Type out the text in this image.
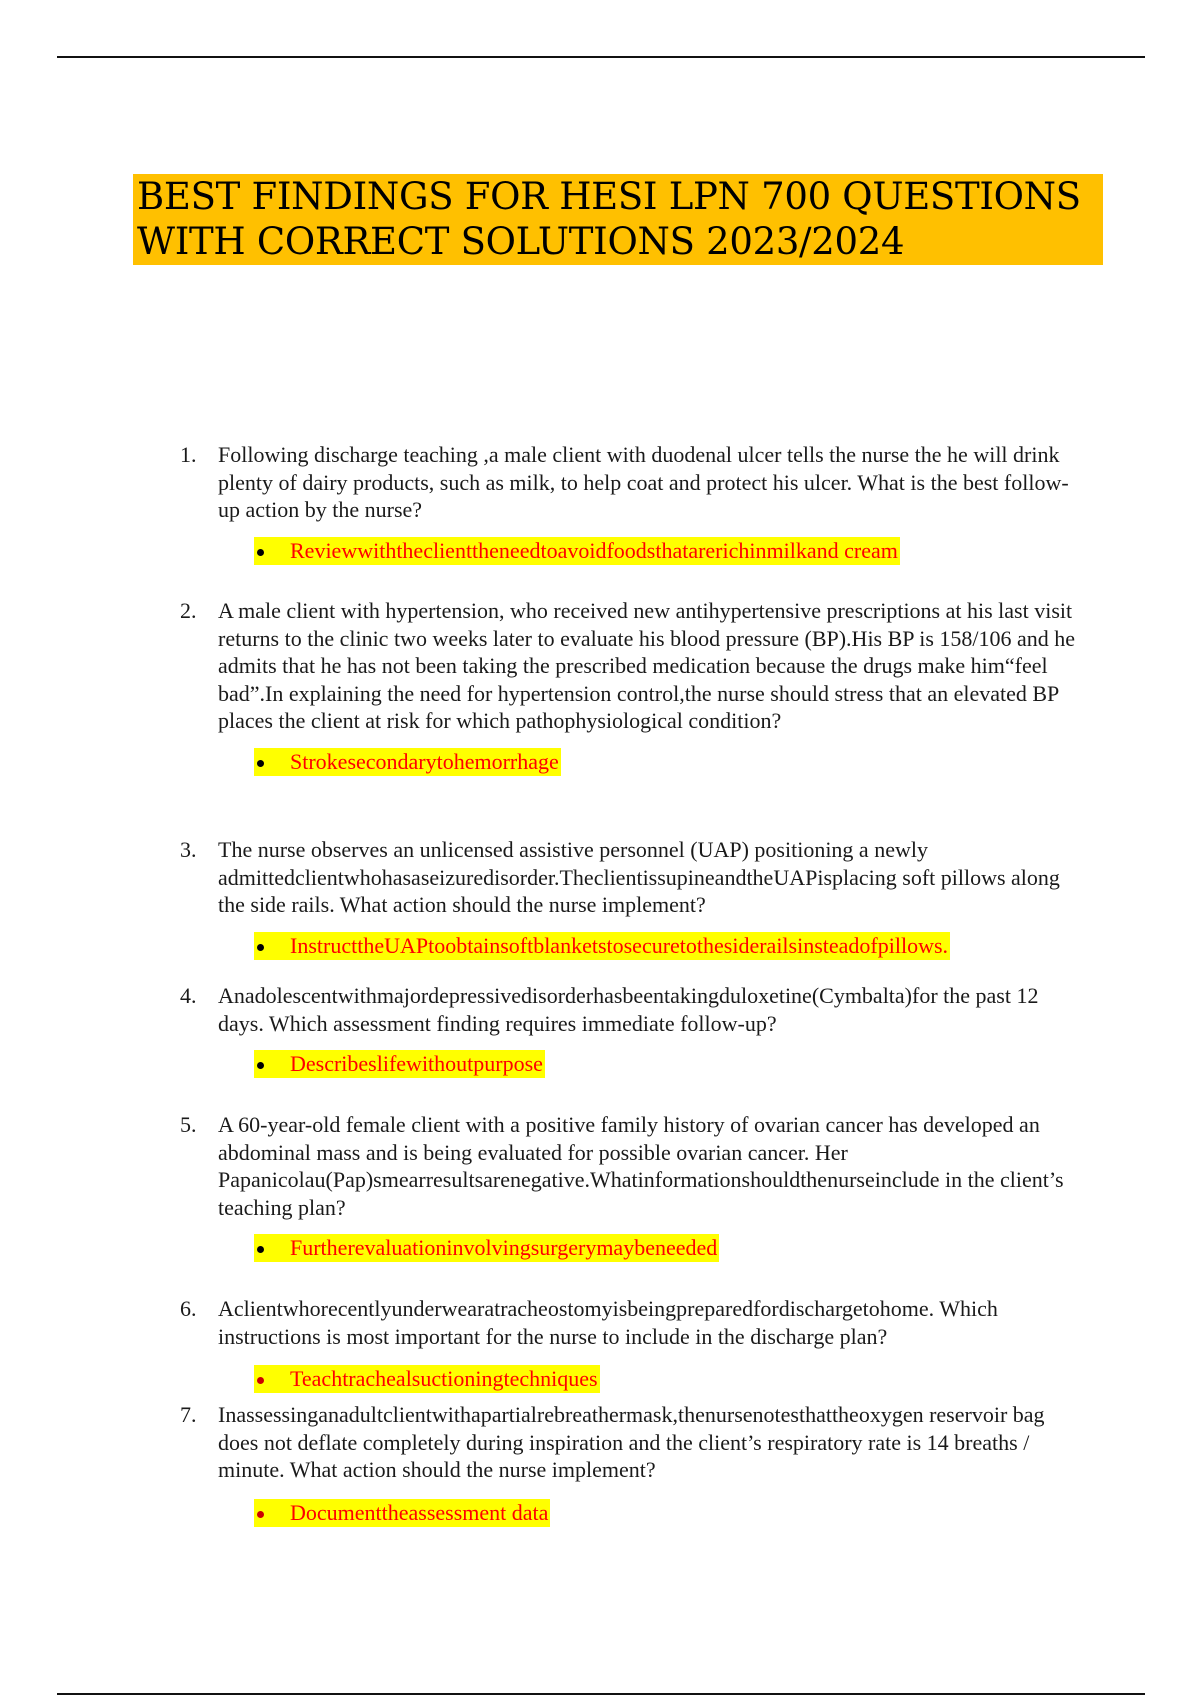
BEST FINDINGS FOR HESI LPN 700 QUESTIONS WITH CORRECT SOLUTIONS 2023/2024
1. Following discharge teaching ,a male client with duodenal ulcer tells the nurse the he will drink plenty of dairy products, such as milk, to help coat and protect his ulcer. What is the best follow-up action by the nurse?
Reviewwiththeclienttheneedtoavoidfoodsthatarerichinmilkand cream
2. A male client with hypertension, who received new antihypertensive prescriptions at his last visit returns to the clinic two weeks later to evaluate his blood pressure (BP).His BP is 158/106 and he admits that he has not been taking the prescribed medication because the drugs make him“feel bad”.In explaining the need for hypertension control,the nurse should stress that an elevated BP places the client at risk for which pathophysiological condition?
Strokesecondarytohemorrhage
3. The nurse observes an unlicensed assistive personnel (UAP) positioning a newly admittedclientwhohasaseizuredisorder.TheclientissupineandtheUAPisplacing soft pillows along the side rails. What action should the nurse implement?
InstructtheUAPtoobtainsoftblanketstosecuretothesiderailsinsteadofpillows.
4. Anadolescentwithmajordepressivedisorderhasbeentakingduloxetine(Cymbalta)for the past 12 days. Which assessment finding requires immediate follow-up?
Describeslifewithoutpurpose
5. A 60-year-old female client with a positive family history of ovarian cancer has developed an abdominal mass and is being evaluated for possible ovarian cancer. Her Papanicolau(Pap)smearresultsarenegative.Whatinformationshouldthenurseinclude in the client’s teaching plan?
Furtherevaluationinvolvingsurgerymaybeneeded
6. Aclientwhorecentlyunderwearatracheostomyisbeingpreparedfordischargetohome. Which instructions is most important for the nurse to include in the discharge plan?
Teachtrachealsuctioningtechniques
7. Inassessinganadultclientwithapartialrebreathermask,thenursenotesthattheoxygen reservoir bag does not deflate completely during inspiration and the client’s respiratory rate is 14 breaths / minute. What action should the nurse implement?
Documenttheassessment data
